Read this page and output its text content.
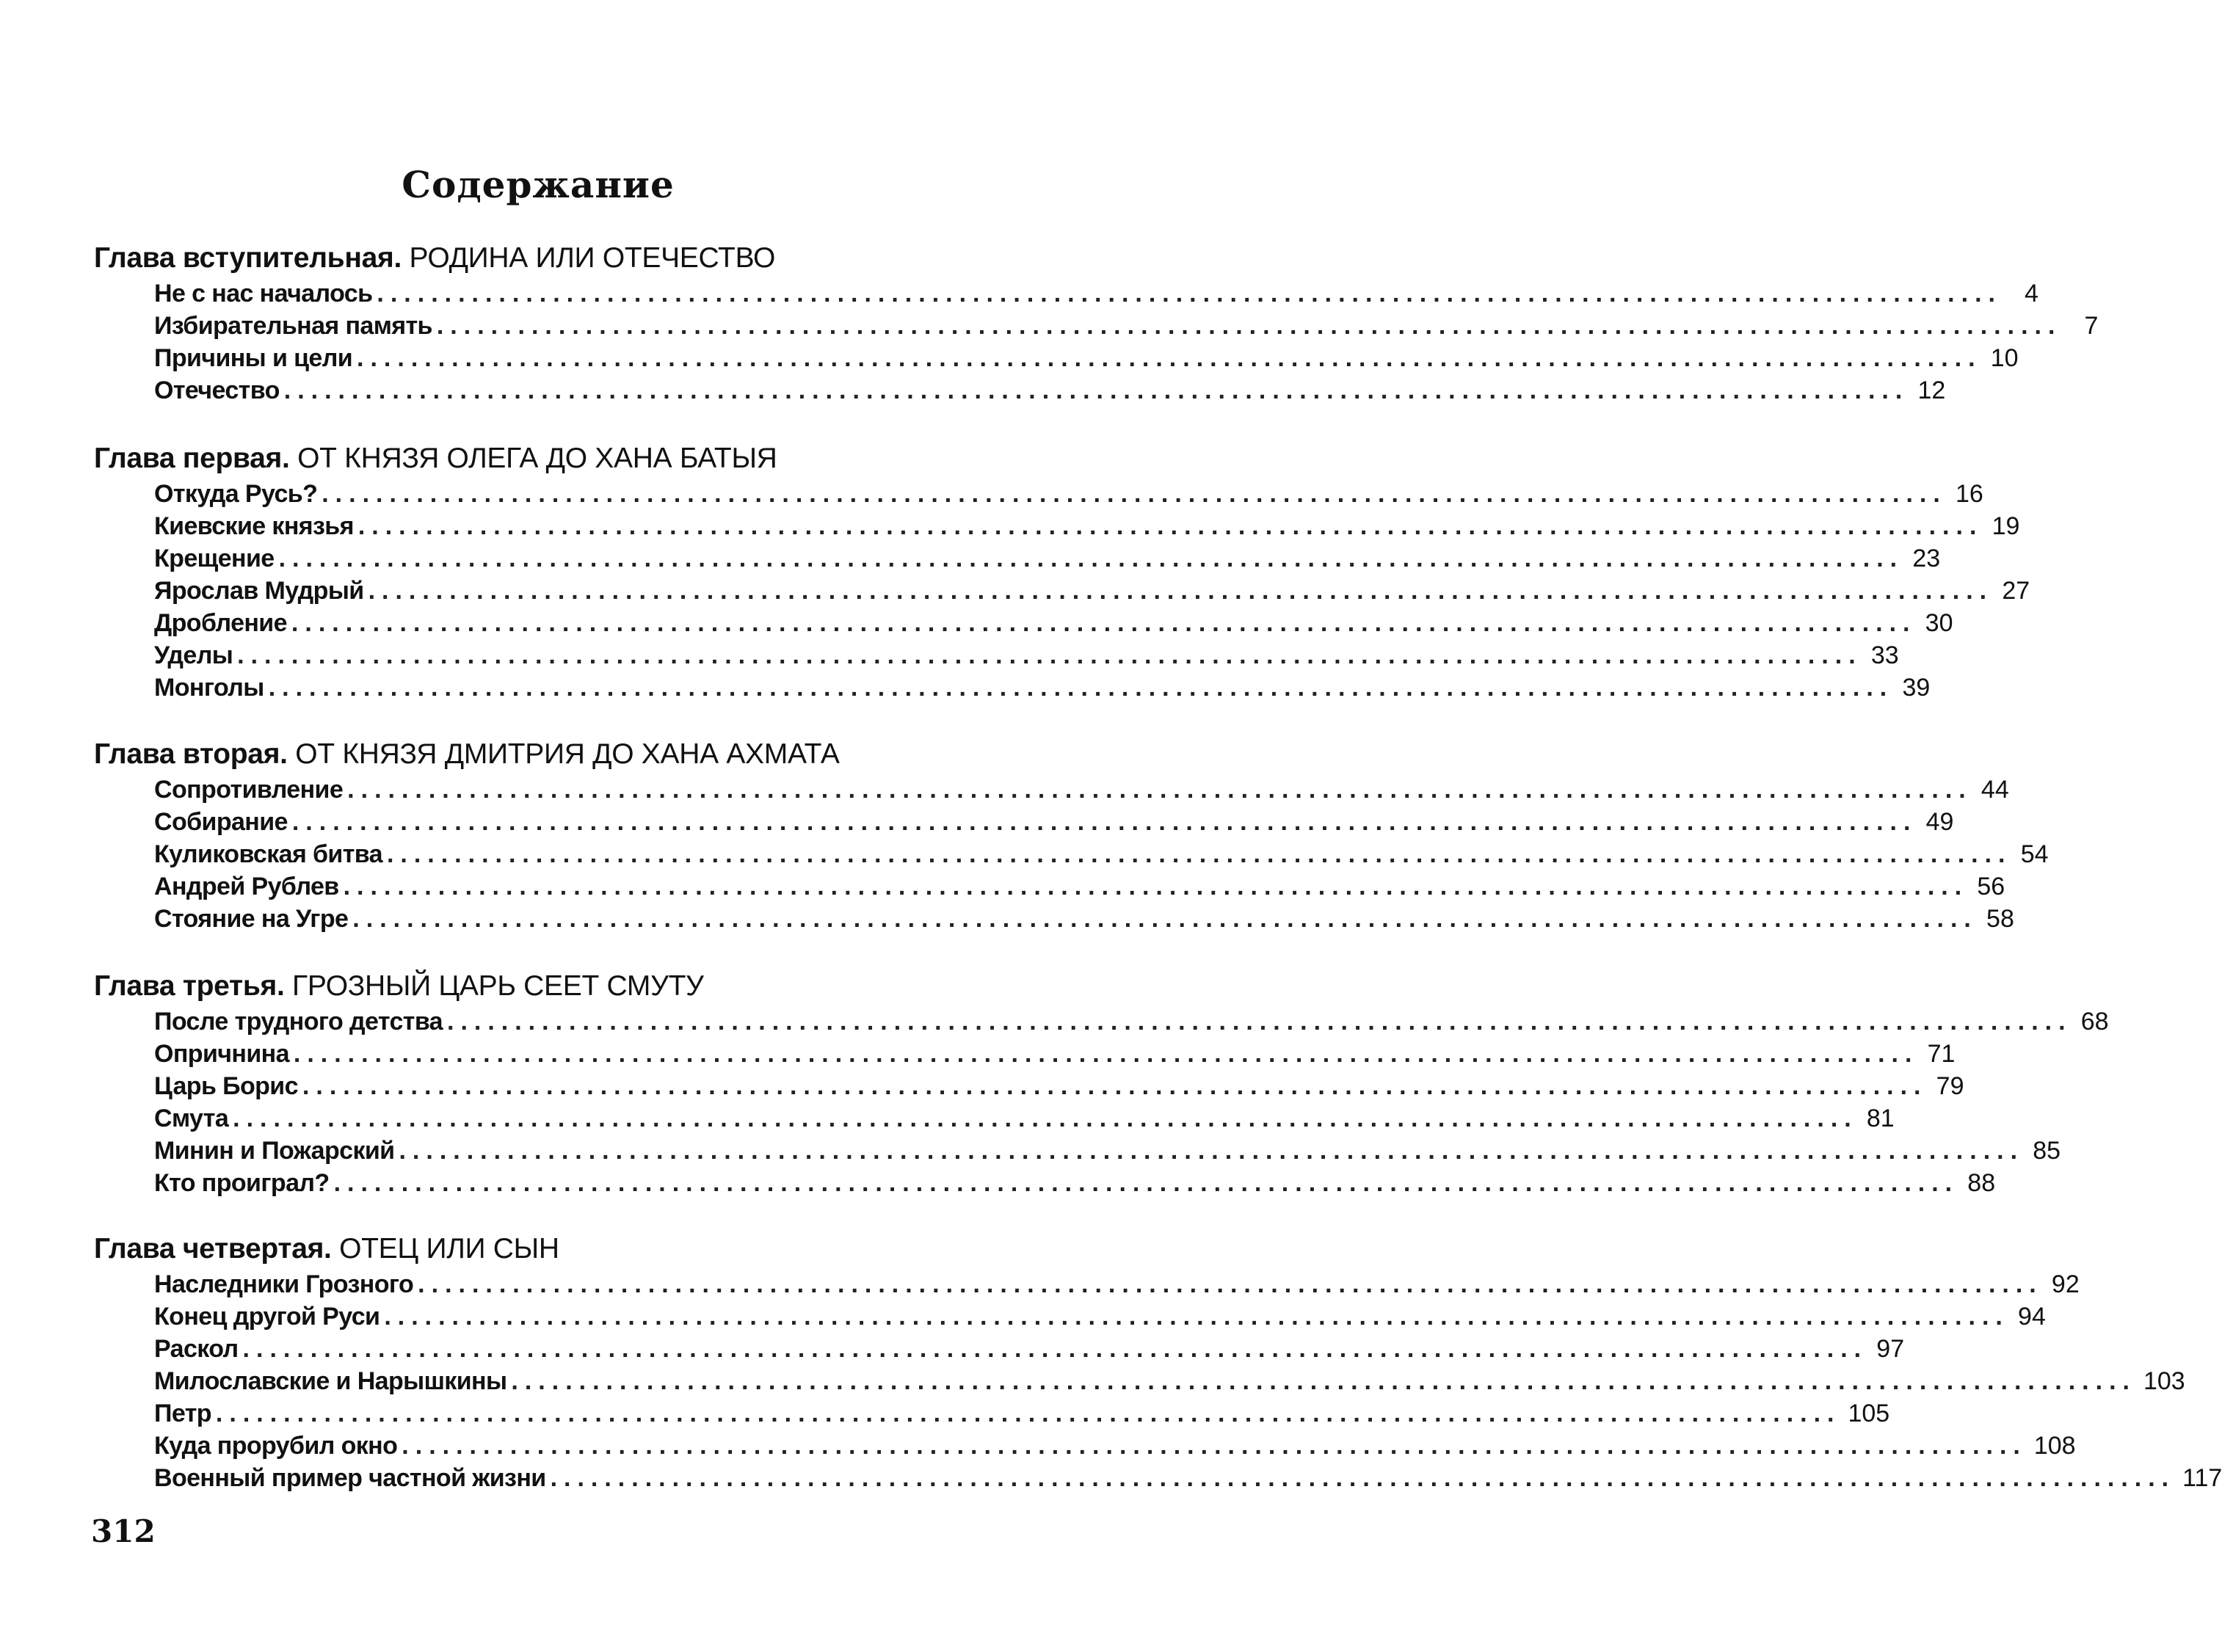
Содержание
Глава вступительная. РОДИНА ИЛИ ОТЕЧЕСТВО
Не с нас началось ........................................................................................................................ 4
Избирательная память ........................................................................................................................ 7
Причины и цели ........................................................................................................................ 10
Отечество ........................................................................................................................ 12
Глава первая. ОТ КНЯЗЯ ОЛЕГА ДО ХАНА БАТЫЯ
Откуда Русь? ........................................................................................................................ 16
Киевские князья ........................................................................................................................ 19
Крещение ........................................................................................................................ 23
Ярослав Мудрый ........................................................................................................................ 27
Дробление ........................................................................................................................ 30
Уделы ........................................................................................................................ 33
Монголы ........................................................................................................................ 39
Глава вторая. ОТ КНЯЗЯ ДМИТРИЯ ДО ХАНА АХМАТА
Сопротивление ........................................................................................................................ 44
Собирание ........................................................................................................................ 49
Куликовская битва ........................................................................................................................ 54
Андрей Рублев ........................................................................................................................ 56
Стояние на Угре ........................................................................................................................ 58
Глава третья. ГРОЗНЫЙ ЦАРЬ СЕЕТ СМУТУ
После трудного детства ........................................................................................................................ 68
Опричнина ........................................................................................................................ 71
Царь Борис ........................................................................................................................ 79
Смута ........................................................................................................................ 81
Минин и Пожарский ........................................................................................................................ 85
Кто проиграл? ........................................................................................................................ 88
Глава четвертая. ОТЕЦ ИЛИ СЫН
Наследники Грозного ........................................................................................................................ 92
Конец другой Руси ........................................................................................................................ 94
Раскол ........................................................................................................................ 97
Милославские и Нарышкины ........................................................................................................................ 103
Петр ........................................................................................................................ 105
Куда прорубил окно ........................................................................................................................ 108
Военный пример частной жизни ........................................................................................................................ 117
312
